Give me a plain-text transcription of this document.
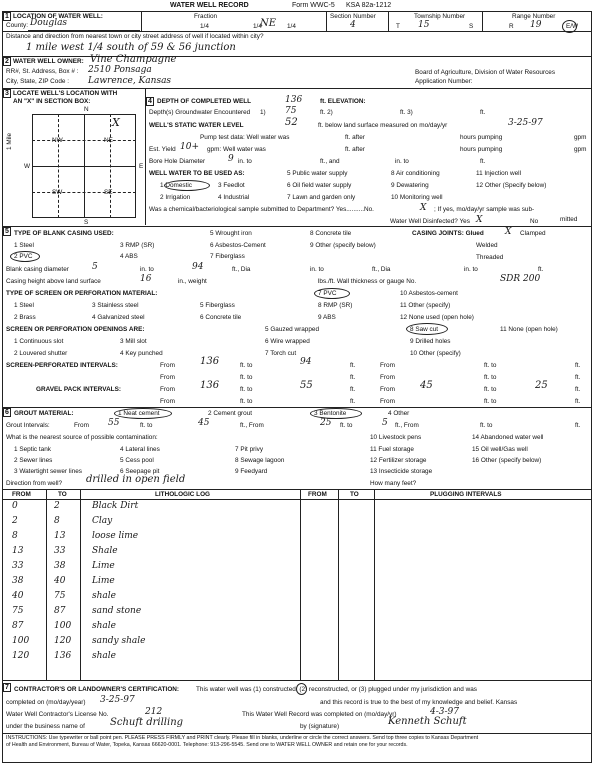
WATER WELL RECORD	Form WWC-5 KSA 82a-1212
1 LOCATION OF WATER WELL:
County: Douglas
Fraction
1/4	1/4
NE 1/4
Section Number
4
Township Number
T 15	S
Range Number
R 19	E/W
Distance and direction from nearest town or city street address of well if located within city?
1 mile west 1/4 south of 59 & 56 junction
2 WATER WELL OWNER: Vine Champagne
RR#, St. Address, Box # : 2510 Ponsaga
City, State, ZIP Code : Lawrence, Kansas
Board of Agriculture, Division of Water Resources
Application Number:
3 LOCATE WELL'S LOCATION WITH
AN "X" IN SECTION BOX:
N
S
E
W
1 Mile	NW	NE
SW	SE
X
4 DEPTH OF COMPLETED WELL	136	ft. ELEVATION:
Depth(s) Groundwater Encountered 1) 75	ft. 2)	ft. 3)	ft.
WELL'S STATIC WATER LEVEL	52	ft. below land surface measured on mo/day/yr	3-25-97
Pump test data: Well water was	ft. after	hours pumping	gpm
Est. Yield 10+ gpm: Well water was	ft. after	hours pumping	gpm
Bore Hole Diameter	9 in. to	ft., and	in. to	ft.
WELL WATER TO BE USED AS:
1 Domestic
2 Irrigation
3 Feedlot
4 Industrial
5 Public water supply
6 Oil field water supply
7 Lawn and garden only
8 Air conditioning
9 Dewatering
10 Monitoring well
11 Injection well
12 Other (Specify below)
Was a chemical/bacteriological sample submitted to Department? Yes..........No.	X ; If yes, mo/day/yr sample was sub-
mitted
Water Well Disinfected? Yes X	No
5 TYPE OF BLANK CASING USED:
1 Steel
2 PVC
3 RMP (SR)
4 ABS
5 Wrought iron
6 Asbestos-Cement
7 Fiberglass
8 Concrete tile
9 Other (specify below)
CASING JOINTS: Glued X Clamped
Welded
Threaded
Blank casing diameter	5	in. to	94	ft., Dia	in. to	ft., Dia	in. to	ft.
Casing height above land surface	16	in., weight	lbs./ft. Wall thickness or gauge No.	SDR 200
TYPE OF SCREEN OR PERFORATION MATERIAL:
1 Steel
2 Brass
3 Stainless steel
4 Galvanized steel
5 Fiberglass
6 Concrete tile
7 PVC
8 RMP (SR)
9 ABS
10 Asbestos-cement
11 Other (specify)
12 None used (open hole)
SCREEN OR PERFORATION OPENINGS ARE:
1 Continuous slot
2 Louvered shutter
3 Mill slot
4 Key punched
5 Gauzed wrapped
6 Wire wrapped
7 Torch cut
8 Saw cut
9 Drilled holes
10 Other (specify)
11 None (open hole)
SCREEN-PERFORATED INTERVALS:	From	136	ft. to	94	ft.	From	ft. to	ft.
From	ft. to	ft.	From	ft. to	ft.
GRAVEL PACK INTERVALS:	From	136	ft. to	55	ft.	From	45	ft. to	25	ft.
From	ft. to	ft.	From	ft. to	ft.
6 GROUT MATERIAL:	1 Neat cement	2 Cement grout	3 Bentonite	4 Other
Grout Intervals:	From 55	ft. to	45	ft., From	25 ft. to	5 ft., From	ft. to	ft.
What is the nearest source of possible contamination:
1 Septic tank
2 Sewer lines
3 Watertight sewer lines
4 Lateral lines
5 Cess pool
6 Seepage pit
7 Pit privy
8 Sewage lagoon
9 Feedyard
10 Livestock pens
11 Fuel storage
12 Fertilizer storage
13 Insecticide storage
14 Abandoned water well
15 Oil well/Gas well
16 Other (specify below)
Direction from well? drilled in open field	How many feet?
FROM	TO	LITHOLOGIC LOG	FROM	TO	PLUGGING INTERVALS
0	2	Black Dirt
2	8	Clay
8	13	loose lime
13	33	Shale
33	38	Lime
38	40	Lime
40	75	shale
75	87	sand stone
87	100 shale
100	120 sandy shale
120	136 shale
7 CONTRACTOR'S OR LANDOWNER'S CERTIFICATION:	This water well was (1) constructed, (2) reconstructed, or (3) plugged under my jurisdiction and was
completed on (mo/day/year) 3-25-97	and this record is true to the best of my knowledge and belief. Kansas
Water Well Contractor's License No.	212	This Water Well Record was completed on (mo/day/yr)	4-3-97
under the business name of	Schuft drilling	by (signature)	Kenneth Schuft
INSTRUCTIONS: Use typewriter or ball point pen. PLEASE PRESS FIRMLY and PRINT clearly. Please fill in blanks, underline or circle the correct answers. Send top three copies to Kansas Department
of Health and Environment, Bureau of Water, Topeka, Kansas 66620-0001. Telephone: 913-296-5545. Send one to WATER WELL OWNER and retain one for your records.
